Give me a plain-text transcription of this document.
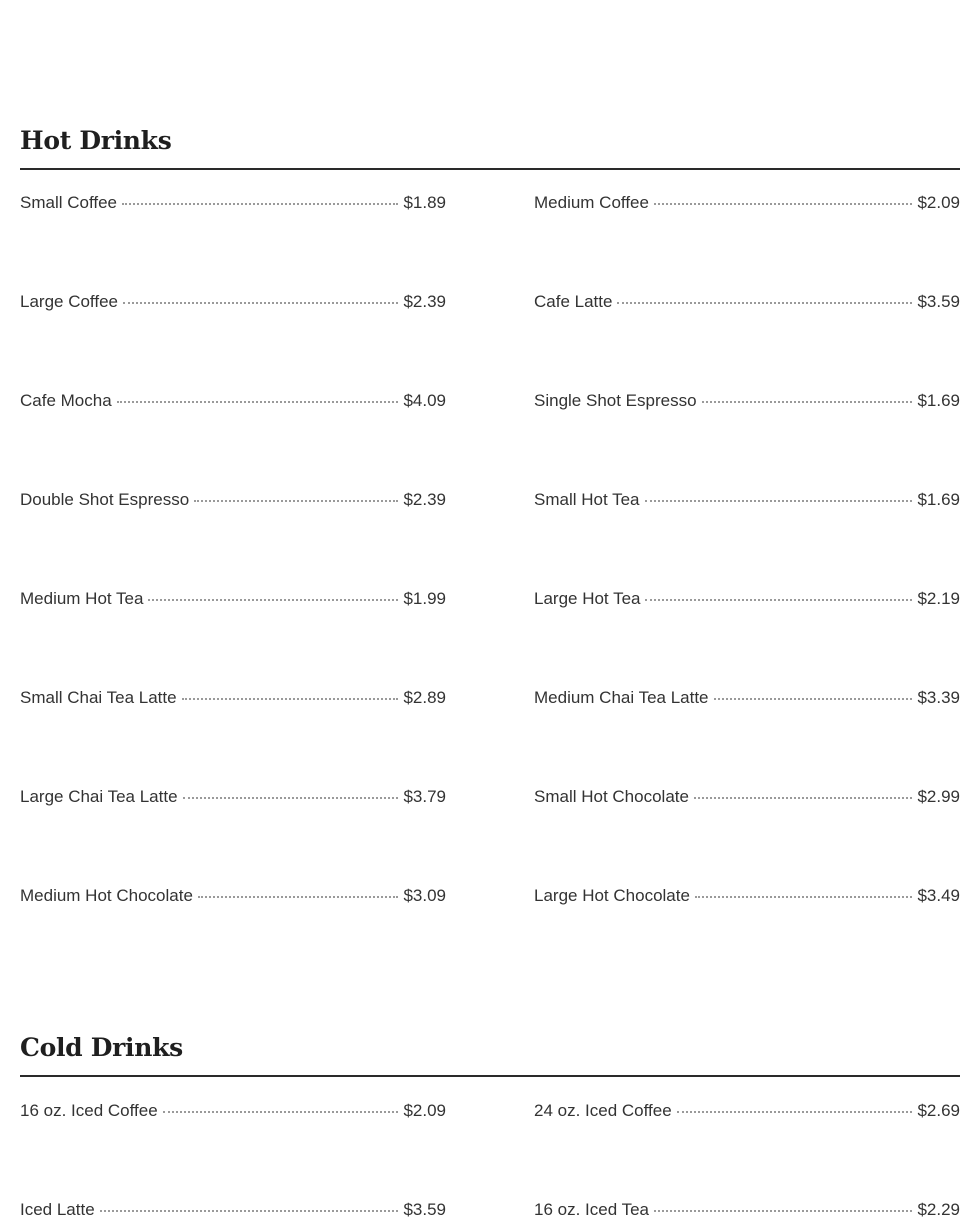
Hot Drinks
Small Coffee	$1.89	Medium Coffee	$2.09
Large Coffee	$2.39	Cafe Latte	$3.59
Cafe Mocha	$4.09	Single Shot Espresso	$1.69
Double Shot Espresso	$2.39	Small Hot Tea	$1.69
Medium Hot Tea	$1.99	Large Hot Tea	$2.19
Small Chai Tea Latte	$2.89	Medium Chai Tea Latte	$3.39
Large Chai Tea Latte	$3.79	Small Hot Chocolate	$2.99
Medium Hot Chocolate	$3.09	Large Hot Chocolate	$3.49
Cold Drinks
16 oz. Iced Coffee	$2.09	24 oz. Iced Coffee	$2.69
Iced Latte	$3.59	16 oz. Iced Tea	$2.29
